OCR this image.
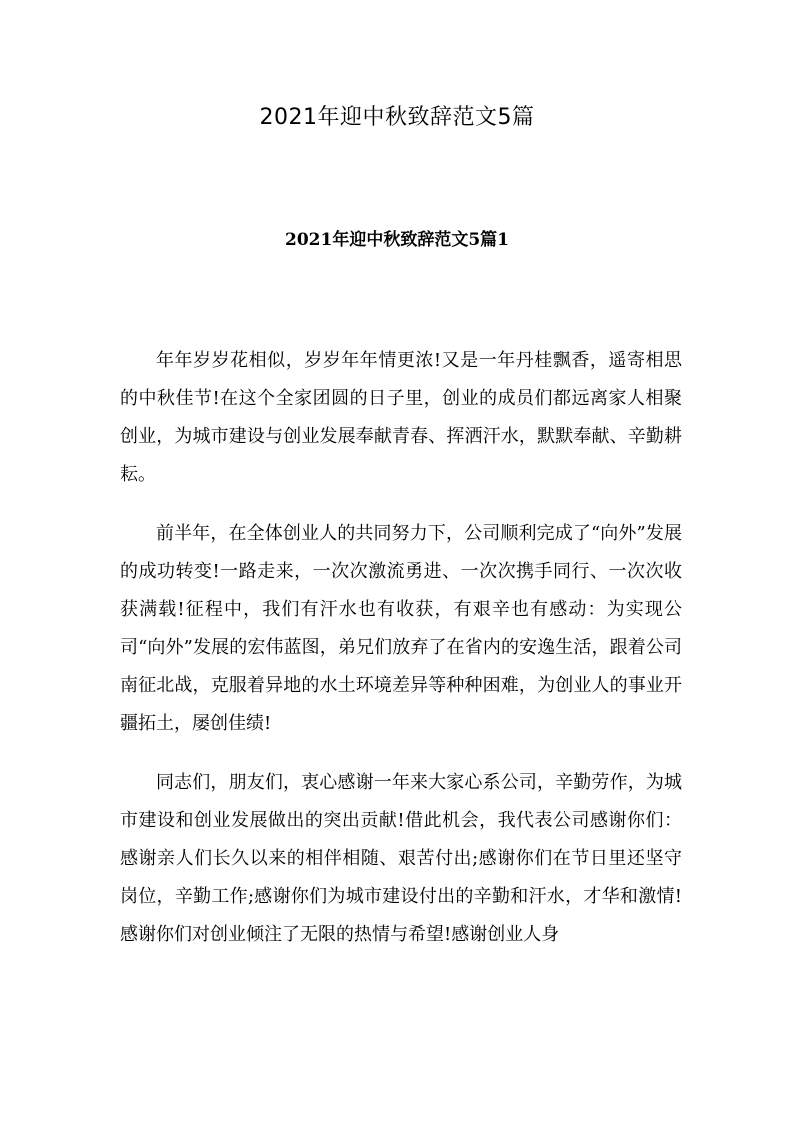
2021年迎中秋致辞范文5篇
2021年迎中秋致辞范文5篇1

年年岁岁花相似，岁岁年年情更浓!又是一年丹桂飘香，遥寄相思的中秋佳节!在这个全家团圆的日子里，创业的成员们都远离家人相聚创业，为城市建设与创业发展奉献青春、挥洒汗水，默默奉献、辛勤耕耘。

前半年，在全体创业人的共同努力下，公司顺利完成了“向外”发展的成功转变!一路走来，一次次激流勇进、一次次携手同行、一次次收获满载!征程中，我们有汗水也有收获，有艰辛也有感动：为实现公司“向外”发展的宏伟蓝图，弟兄们放弃了在省内的安逸生活，跟着公司南征北战，克服着异地的水土环境差异等种种困难，为创业人的事业开疆拓土，屡创佳绩!

同志们，朋友们，衷心感谢一年来大家心系公司，辛勤劳作，为城市建设和创业发展做出的突出贡献!借此机会，我代表公司感谢你们：感谢亲人们长久以来的相伴相随、艰苦付出;感谢你们在节日里还坚守岗位，辛勤工作;感谢你们为城市建设付出的辛勤和汗水，才华和激情!感谢你们对创业倾注了无限的热情与希望!感谢创业人身
